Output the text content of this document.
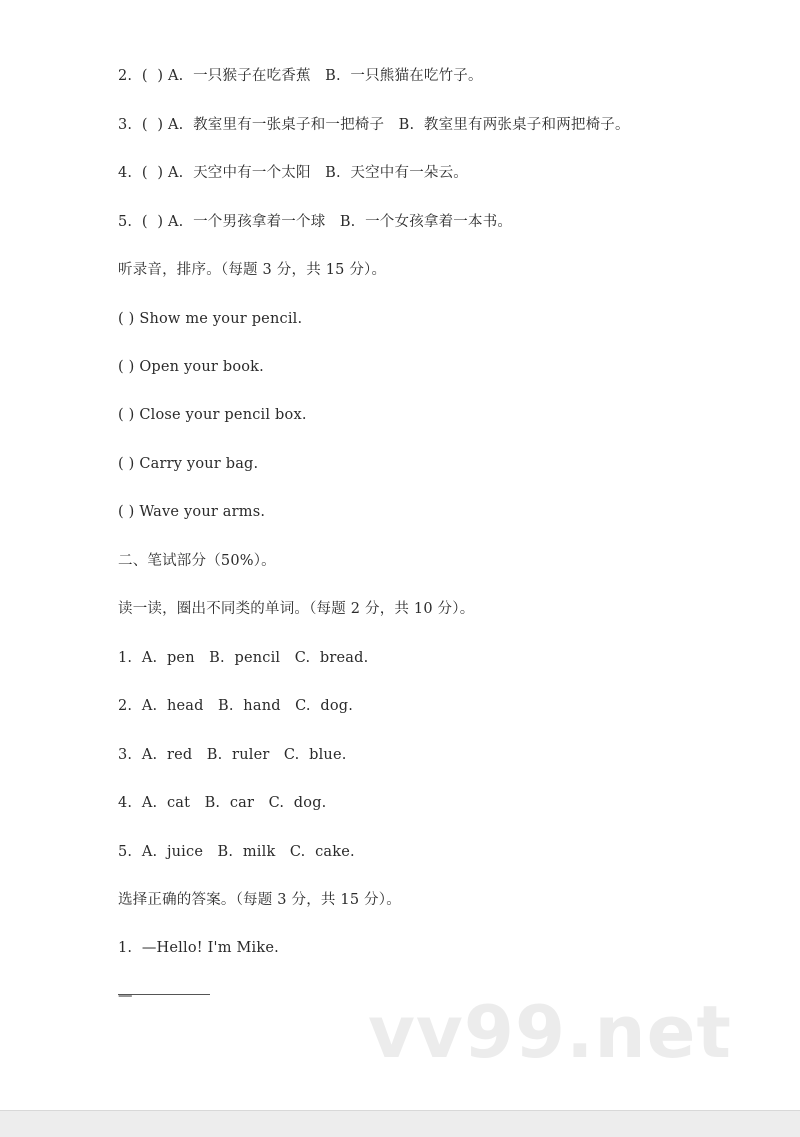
2.  (  ) A.  一只猴子在吃香蕉   B.  一只熊猫在吃竹子。
3.  (  ) A.  教室里有一张桌子和一把椅子   B.  教室里有两张桌子和两把椅子。
4.  (  ) A.  天空中有一个太阳   B.  天空中有一朵云。
5.  (  ) A.  一个男孩拿着一个球   B.  一个女孩拿着一本书。
听录音，排序。（每题 3 分，共 15 分）。
( ) Show me your pencil.
( ) Open your book.
( ) Close your pencil box.
( ) Carry your bag.
( ) Wave your arms.
二、笔试部分（50%）。
读一读，圈出不同类的单词。（每题 2 分，共 10 分）。
1.  A.  pen   B.  pencil   C.  bread.
2.  A.  head   B.  hand   C.  dog.
3.  A.  red   B.  ruler   C.  blue.
4.  A.  cat   B.  car   C.  dog.
5.  A.  juice   B.  milk   C.  cake.
选择正确的答案。（每题 3 分，共 15 分）。
1.  —Hello! I'm Mike.
—	vv99.net
